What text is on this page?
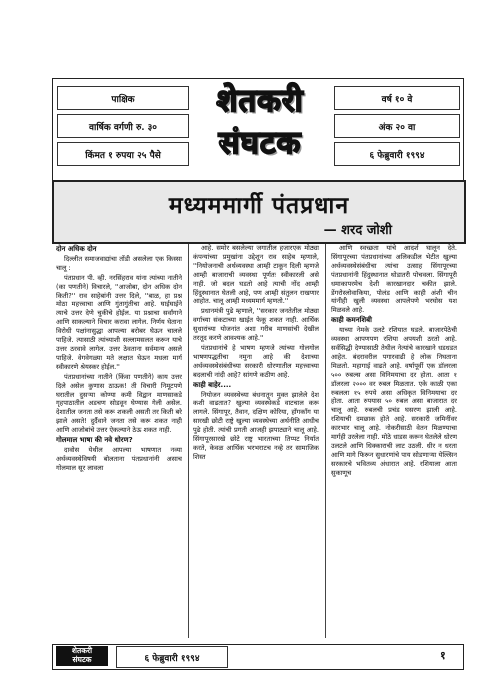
पाक्षिक
वार्षिक वर्गणी रु. ३०
किंमत १ रुपया २५ पैसे
शेतकरी
संघटक
वर्ष १० वे
अंक २० वा
६ फेब्रुवारी १९९४
मध्यममार्गी पंतप्रधान
— शरद जोशी
दोन अधिक दोन

दिल्लीत समाजवाद्यांचा तोंडी असलेला एक किस्सा चालू :

पंतप्रधान पी. व्ही. नरसिंहराव यांना त्यांच्या नातीने (का पणतीने) विचारले, ''आजोबा, दोन अधिक दोन किती?'' राव साहेबांनी उत्तर दिले, ''बाळ, हा प्रश्न मोठा महत्त्वाचा आणि गुंतागुंतीचा आहे. घाईघाईने त्याचे उत्तर देणे चुकीचे होईल. या प्रश्नाचा सर्वांगाने आणि साकल्याने विचार करावा लागेल. निर्णय घेताना विरोधी पक्षांनासुद्धा आपल्या बरोबर घेऊन चालले पाहिजे. त्यासाठी त्यांच्याशी सल्लामसलत करून याचे उत्तर ठरवावे लागेल. उत्तर ठेवताना सर्वमान्य असले पाहिजे. वेगवेगळ्या मते लक्षात घेऊन मधला मार्ग स्वीकारणे श्रेयस्कर होईल.''

पंतप्रधानांच्या नातीने (किंवा पणतीने) काय उत्तर दिले असेल कुणास ठाऊक! ती विचारी निमूटपणे घरातील दुसऱ्या कोण्या कमी विद्वान माणसाकडे गृहपाठातील अडचण सोडवून घेण्यास गेली असेल. देशातील जनता तसे करू शकली असती तर किती बरे झाले असते! दुर्दैवाने जनता तसे करू शकत नाही आणि आजोबांचे उत्तर ऐकल्याने ठेऊ शकत नाही.

गोलमाल भाषा की नवे धोरण?

दावोस येथील आपल्या भाषणात नव्या अर्थव्यवस्थेविषयी बोलताना पंतप्रधानांनी असाच गोलमाल सूर लावला

आहे. समोर बसलेल्या जगातील हजारएक मोठ्या कंपन्यांच्या प्रमुखांना उद्देशून राव साहेब म्हणाले, ''नियोजनाची अर्थव्यवस्था आम्ही टाकून दिली म्हणजे आम्ही बाजाराची व्यवस्था पूर्णतः स्वीकारली असे नाही. जो बदल घडतो आहे त्याची नोंद आम्ही हिंदुस्थानात घेतली आहे, पण आम्ही संतुलन राखणार आहोत. चालू आम्ही मध्यममार्ग म्हणतो.''

प्रधानमंत्री पुढे म्हणाले, ''सरकार जनतेतील मोठ्या वर्गाच्या संकटाच्या खाईत फेकू शकत नाही. आर्थिक सुधारांच्या योजनांत अशा गरीब माणसांची देखील तरतूद करणे आवश्यक आहे.''

पंतप्रधानांचे हे भाषण म्हणजे त्यांच्या गोलगोल भाषणपद्धतीचा नमुना आहे की देशाच्या अर्थव्यवस्थेसंबंधीच्या सरकारी धोरणातील महत्त्वाच्या बदलाची नांदी आहे? सांगणे कठीण आहे.

काही बाहेर....

नियोजन व्यवस्थेच्या बंधनातून मुक्त झालेले देश कशी वाढतात? खुल्या व्यवस्थेकडे वाटचाल करू लागले. सिंगापूर, तैवान, दक्षिण कोरिया, हॉंगकॉंग या सारखी छोटी राष्ट्रे खुल्या व्यवस्थेच्या अर्थनीति आधीच पुढे होती. त्यांची प्रगती आजही झपाट्याने चालू आहे. सिंगापूरसारखे छोटे राष्ट्र भारताच्या तिप्पट निर्यात करते, केवळ आर्थिक भरभराटच नव्हे तर सामाजिक शिस्त

आणि स्वच्छता यांचे आदर्श घालून देते. सिंगापूरच्या पंतप्रधानांच्या अलिकडील भेटीत खुल्या अर्थव्यवस्थेसंबंधीचा त्यांचा उत्साह सिंगापूरच्या पंतप्रधानांनी हिंदुस्थानात थोडातरी पोचवला. सिंगापूरी धमाकापरमेच देशी कारखानदार चकीत झाले. डेंगरोस्लोवाकिया, पोलंड आणि काही अंशी चीन यांनीही खुली व्यवस्था आपलेपणे भरघोस यश मिळवले आहे.

काही कमनशिबी

याच्या नेमके उलटे रशियात घडले. बाजारपेठेची व्यवस्था आपणपण रशिया अपयशी ठरतो आहे. सर्वसिद्धी देण्यासाठी तेथील नेत्यांचे कारखाने धडधडत आहेत. बंदरावरील पगारवाढी हे लोक निघताना मिळतो. महागाई वाढते आहे. वर्षापूर्वी एक डॉलरला ५०० रुबल्स असा विनिमयाचा दर होता. आता १ डॉलरला २००० वर रुबल मिळतात. एके काळी एका रुबलला १५ रुपये असा अधिकृत विनिमयाचा दर होता. आता रुपयास ५० रुबल असा बाजारात दर चालू आहे. रुबलची प्रचंड घसरण झाली आहे. रशियाची दमछाक होते आहे. सरकारी जमिनींवर कारभार चालू आहे. नोकरीसाठी वेतन मिळण्याचा मार्गही उरलेला नाही. मोठे धाडस करून घेतलेले धोरण उलटले आणि धिक्काराची लाट उठली. धीर न धरता आणि मागे फिरून सुधारणांचे पाय सोडणाऱ्या येल्त्सिन सरकारचे भवितव्य अंधारात आहे. रशियाला आता सुकाणूच

शेतकरी
संघटक	६ फेब्रुवारी १९९४	१
